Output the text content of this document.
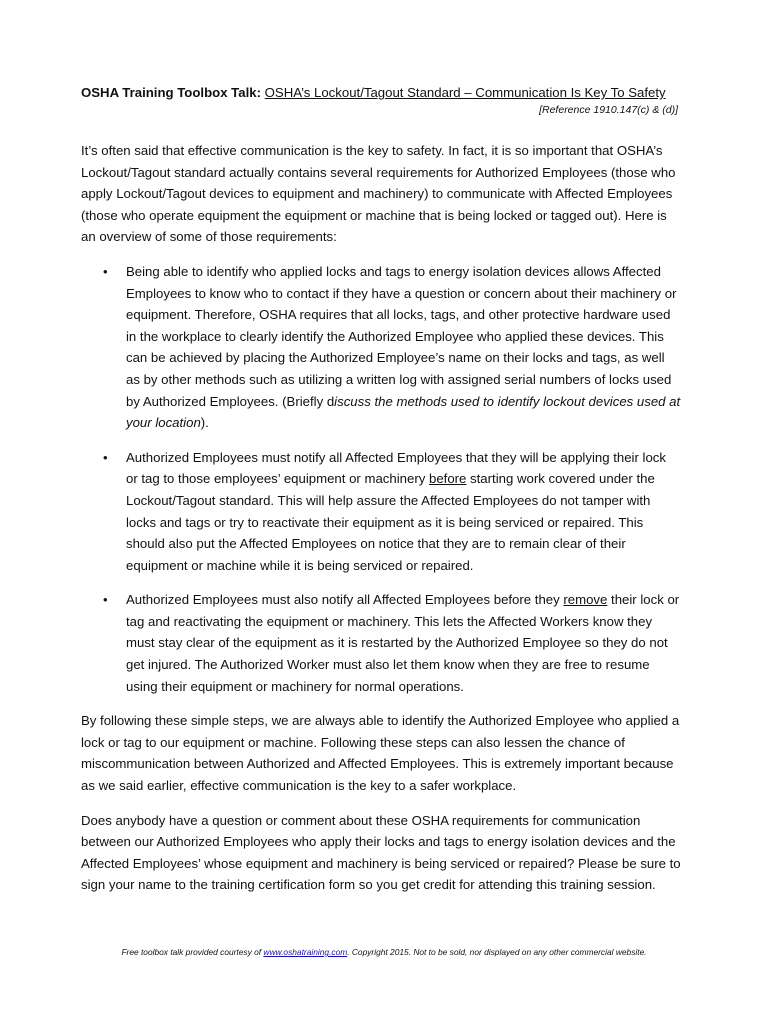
OSHA Training Toolbox Talk: OSHA’s Lockout/Tagout Standard – Communication Is Key To Safety
[Reference 1910.147(c) & (d)]

It’s often said that effective communication is the key to safety. In fact, it is so important that OSHA’s Lockout/Tagout standard actually contains several requirements for Authorized Employees (those who apply Lockout/Tagout devices to equipment and machinery) to communicate with Affected Employees (those who operate equipment the equipment or machine that is being locked or tagged out). Here is an overview of some of those requirements:

• Being able to identify who applied locks and tags to energy isolation devices allows Affected Employees to know who to contact if they have a question or concern about their machinery or equipment. Therefore, OSHA requires that all locks, tags, and other protective hardware used in the workplace to clearly identify the Authorized Employee who applied these devices. This can be achieved by placing the Authorized Employee’s name on their locks and tags, as well as by other methods such as utilizing a written log with assigned serial numbers of locks used by Authorized Employees. (Briefly discuss the methods used to identify lockout devices used at your location).
• Authorized Employees must notify all Affected Employees that they will be applying their lock or tag to those employees’ equipment or machinery before starting work covered under the Lockout/Tagout standard. This will help assure the Affected Employees do not tamper with locks and tags or try to reactivate their equipment as it is being serviced or repaired. This should also put the Affected Employees on notice that they are to remain clear of their equipment or machine while it is being serviced or repaired.
• Authorized Employees must also notify all Affected Employees before they remove their lock or tag and reactivating the equipment or machinery. This lets the Affected Workers know they must stay clear of the equipment as it is restarted by the Authorized Employee so they do not get injured. The Authorized Worker must also let them know when they are free to resume using their equipment or machinery for normal operations.

By following these simple steps, we are always able to identify the Authorized Employee who applied a lock or tag to our equipment or machine. Following these steps can also lessen the chance of miscommunication between Authorized and Affected Employees. This is extremely important because as we said earlier, effective communication is the key to a safer workplace.

Does anybody have a question or comment about these OSHA requirements for communication between our Authorized Employees who apply their locks and tags to energy isolation devices and the Affected Employees’ whose equipment and machinery is being serviced or repaired? Please be sure to sign your name to the training certification form so you get credit for attending this training session.

Free toolbox talk provided courtesy of www.oshatraining.com. Copyright 2015. Not to be sold, nor displayed on any other commercial website.
